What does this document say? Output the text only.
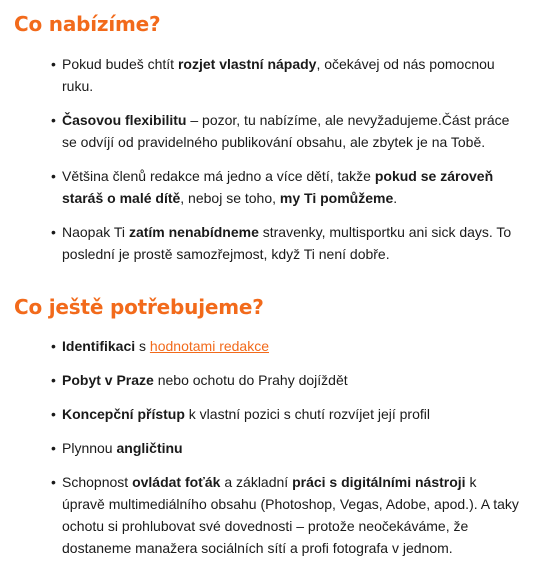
Co nabízíme?
• Pokud budeš chtít rozjet vlastní nápady, očekávej od nás pomocnou ruku.
• Časovou flexibilitu – pozor, tu nabízíme, ale nevyžadujeme.Část práce se odvíjí od pravidelného publikování obsahu, ale zbytek je na Tobě.
• Většina členů redakce má jedno a více dětí, takže pokud se zároveň staráš o malé dítě, neboj se toho, my Ti pomůžeme.
• Naopak Ti zatím nenabídneme stravenky, multisportku ani sick days. To poslední je prostě samozřejmost, když Ti není dobře.
Co ještě potřebujeme?
• Identifikaci s hodnotami redakce
• Pobyt v Praze nebo ochotu do Prahy dojíždět
• Koncepční přístup k vlastní pozici s chutí rozvíjet její profil
• Plynnou angličtinu
• Schopnost ovládat foťák a základní práci s digitálními nástroji k úpravě multimediálního obsahu (Photoshop, Vegas, Adobe, apod.). A taky ochotu si prohlubovat své dovednosti – protože neočekáváme, že dostaneme manažera sociálních sítí a profi fotografa v jednom.
